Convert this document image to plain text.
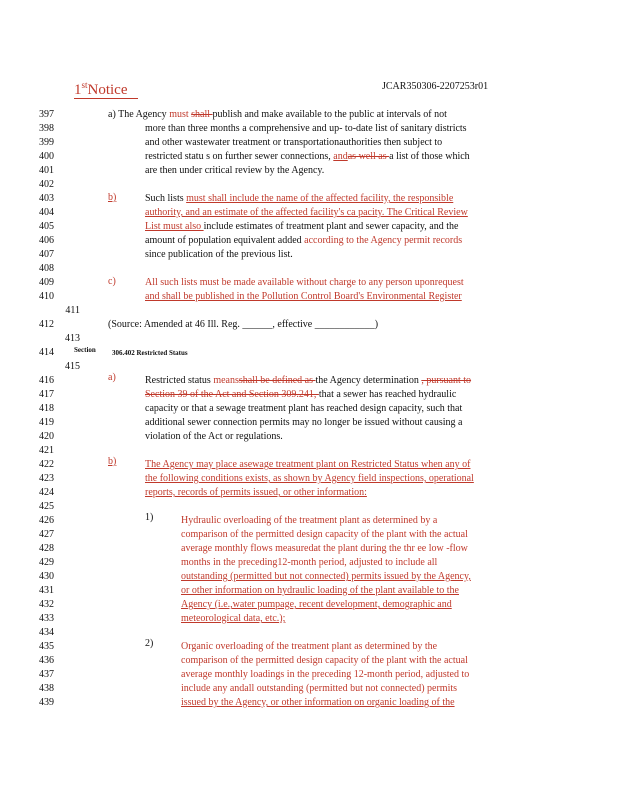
1stNotice	JCAR350306-2207253r01
397	a) The Agency must shall publish and make available to the public at intervals of not
398	more than three months a comprehensive and up- to-date list of sanitary districts
399	and other wastewater treatment or transportationauthorities then subject to
400	restricted statu s on further sewer connections, andas well as a list of those which
401	are then under critical review by the Agency.
402
403	Such lists must shall include the name of the affected facility, the responsible
404	authority, and an estimate of the affected facility's ca pacity. The Critical Review
405	List must also include estimates of treatment plant and sewer capacity, and the
406	amount of population equivalent added according to the Agency permit records
407	since publication of the previous list.
408
409	All such lists must be made available without charge to any person uponrequest
410	and shall be published in the Pollution Control Board's Environmental Register
411
412	(Source: Amended at 46 Ill. Reg. ______, effective ____________)
413
414	306.402 Restricted Status
415
416	Restricted status meansshall be defined as the Agency determination , pursuant to
417	Section 39 of the Act and Section 309.241, that a sewer has reached hydraulic
418	capacity or that a sewage treatment plant has reached design capacity, such that
419	additional sewer connection permits may no longer be issued without causing a
420	violation of the Act or regulations.
421
422	The Agency may place asewage treatment plant on Restricted Status when any of
423	the following conditions exists, as shown by Agency field inspections, operational
424	reports, records of permits issued, or other information:
425
426	Hydraulic overloading of the treatment plant as determined by a
427	comparison of the permitted design capacity of the plant with the actual
428	average monthly flows measuredat the plant during the thr ee low -flow
429	months in the preceding12-month period, adjusted to include all
430	outstanding (permitted but not connected) permits issued by the Agency,
431	or other information on hydraulic loading of the plant available to the
432	Agency (i.e.,water pumpage, recent development, demographic and
433	meteorological data, etc.);
434
435	Organic overloading of the treatment plant as determined by the
436	comparison of the permitted design capacity of the plant with the actual
437	average monthly loadings in the preceding 12-month period, adjusted to
438	include any andall outstanding (permitted but not connected) permits
439	issued by the Agency, or other information on organic loading of the
c)
b)
a)
b)
1)
2)
Section
